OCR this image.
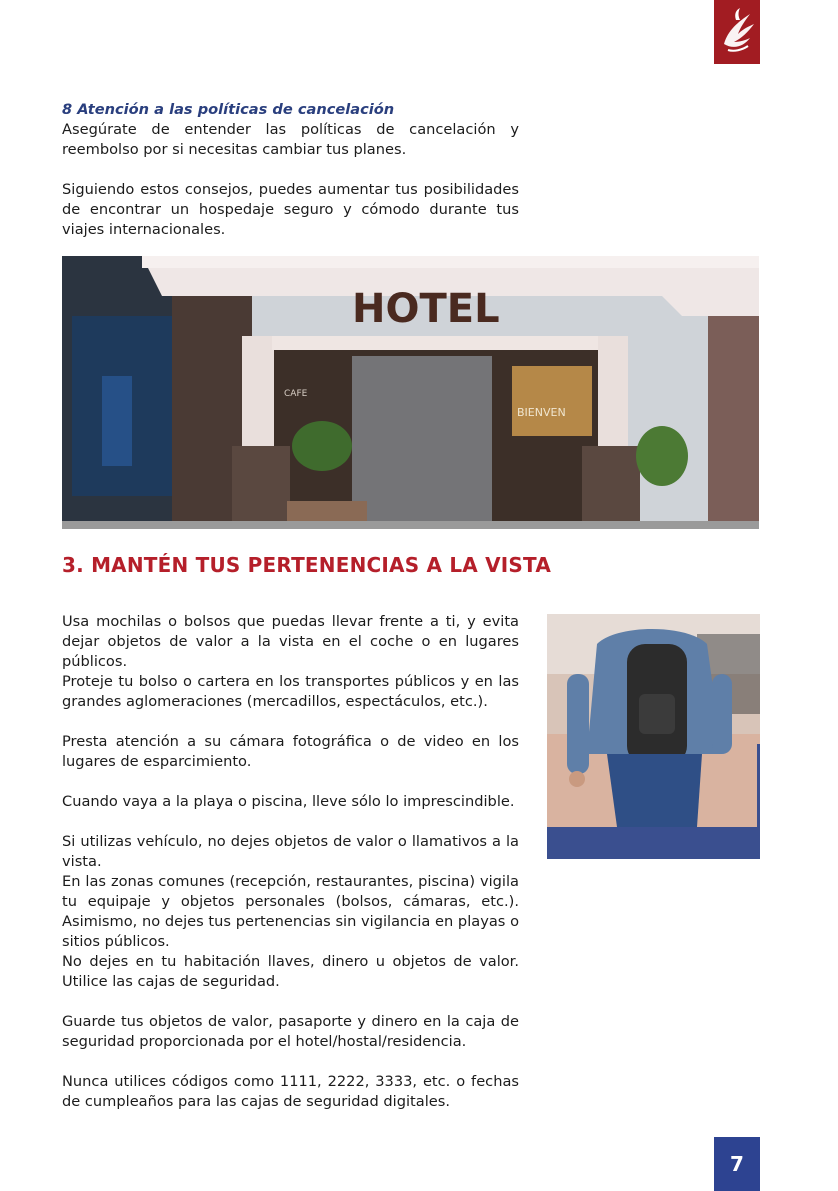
8 Atención a las políticas de cancelación

Asegúrate de entender las políticas de cancelación y reembolso por si necesitas cambiar tus planes.

Siguiendo estos consejos, puedes aumentar tus posibilidades de encontrar un hospedaje seguro y cómodo durante tus viajes internacionales.

HOTEL
BIENVEN
CAFE
3. MANTÉN TUS PERTENENCIAS A LA VISTA

Usa mochilas o bolsos que puedas llevar frente a ti, y evita dejar objetos de valor a la vista en el coche o en lugares públicos.

Proteje tu bolso o cartera en los transportes públicos y en las grandes aglomeraciones (mercadillos, espectáculos, etc.).

Presta atención a su cámara fotográfica o de video en los lugares de esparcimiento.

Cuando vaya a la playa o piscina, lleve sólo lo imprescindible.

Si utilizas vehículo, no dejes objetos de valor o llamativos a la vista.

En las zonas comunes (recepción, restaurantes, piscina) vigila tu equipaje y objetos personales (bolsos, cámaras, etc.). Asimismo, no dejes tus pertenencias sin vigilancia en playas o sitios públicos.

No dejes en tu habitación llaves, dinero u objetos de valor. Utilice las cajas de seguridad.

Guarde tus objetos de valor, pasaporte y dinero en la caja de seguridad proporcionada por el hotel/hostal/residencia.

Nunca utilices códigos como 1111, 2222, 3333, etc. o fechas de cumpleaños para las cajas de seguridad digitales.

7
